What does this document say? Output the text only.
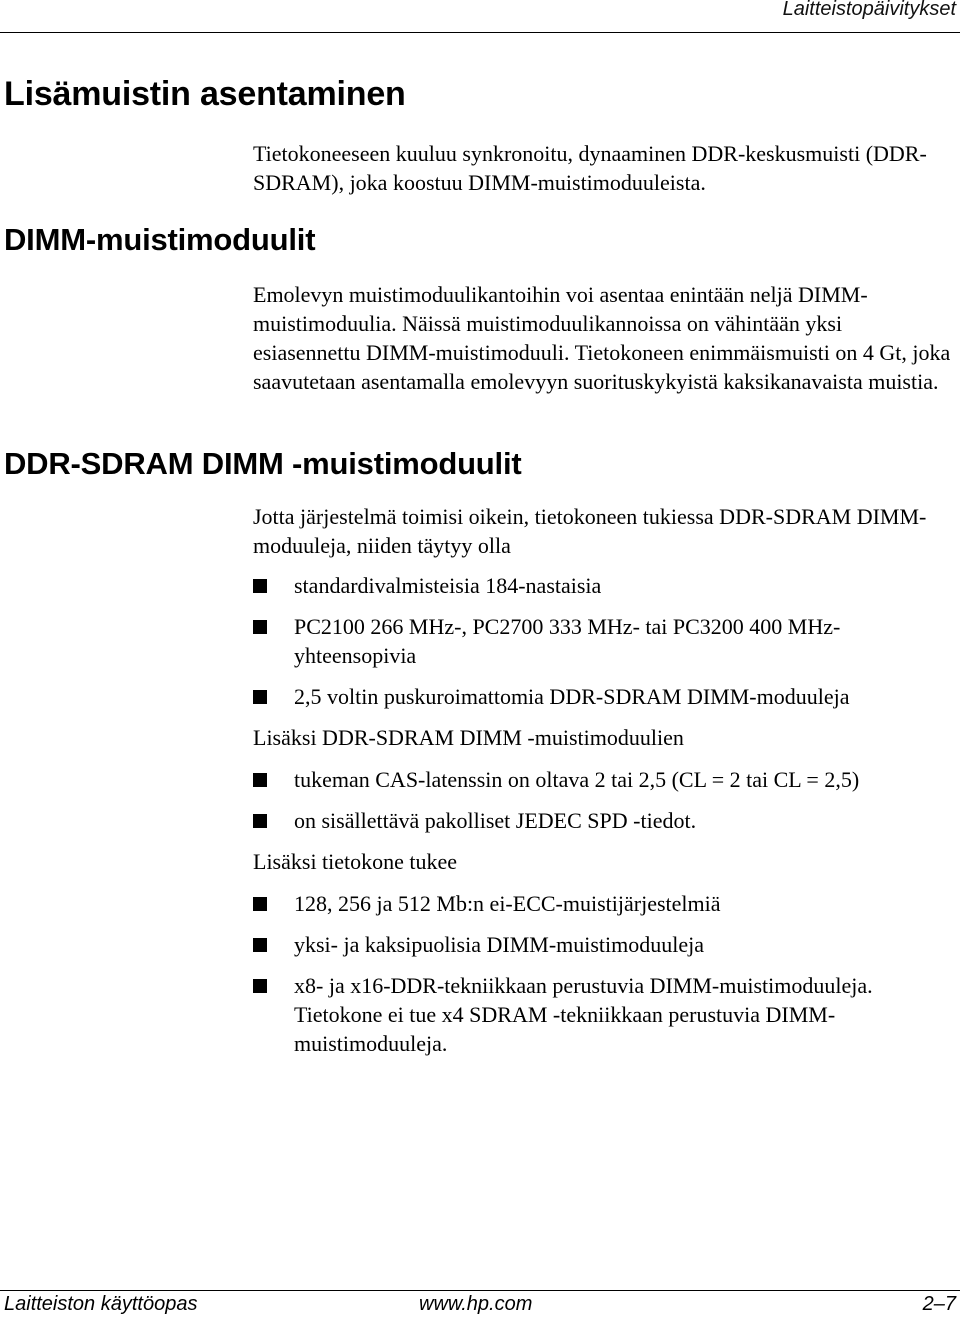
Laitteistopäivitykset
Lisämuistin asentaminen

Tietokoneeseen kuuluu synkronoitu, dynaaminen DDR-keskusmuisti (DDR-SDRAM), joka koostuu DIMM-muistimoduuleista.

DIMM-muistimoduulit

Emolevyn muistimoduulikantoihin voi asentaa enintään neljä DIMM-muistimoduulia. Näissä muistimoduulikannoissa on vähintään yksi esiasennettu DIMM-muistimoduuli. Tietokoneen enimmäismuisti on 4 Gt, joka saavutetaan asentamalla emolevyyn suorituskykyistä kaksikanavaista muistia.

DDR-SDRAM DIMM -muistimoduulit

Jotta järjestelmä toimisi oikein, tietokoneen tukiessa DDR-SDRAM DIMM-moduuleja, niiden täytyy olla

standardivalmisteisia 184-nastaisia
PC2100 266 MHz-, PC2700 333 MHz- tai PC3200 400 MHz-yhteensopivia
2,5 voltin puskuroimattomia DDR-SDRAM DIMM-moduuleja

Lisäksi DDR-SDRAM DIMM -muistimoduulien

tukeman CAS-latenssin on oltava 2 tai 2,5 (CL = 2 tai CL = 2,5)
on sisällettävä pakolliset JEDEC SPD -tiedot.

Lisäksi tietokone tukee

128, 256 ja 512 Mb:n ei-ECC-muistijärjestelmiä
yksi- ja kaksipuolisia DIMM-muistimoduuleja
x8- ja x16-DDR-tekniikkaan perustuvia DIMM-muistimoduuleja. Tietokone ei tue x4 SDRAM -tekniikkaan perustuvia DIMM-muistimoduuleja.
Laitteiston käyttöopas	www.hp.com	2–7
